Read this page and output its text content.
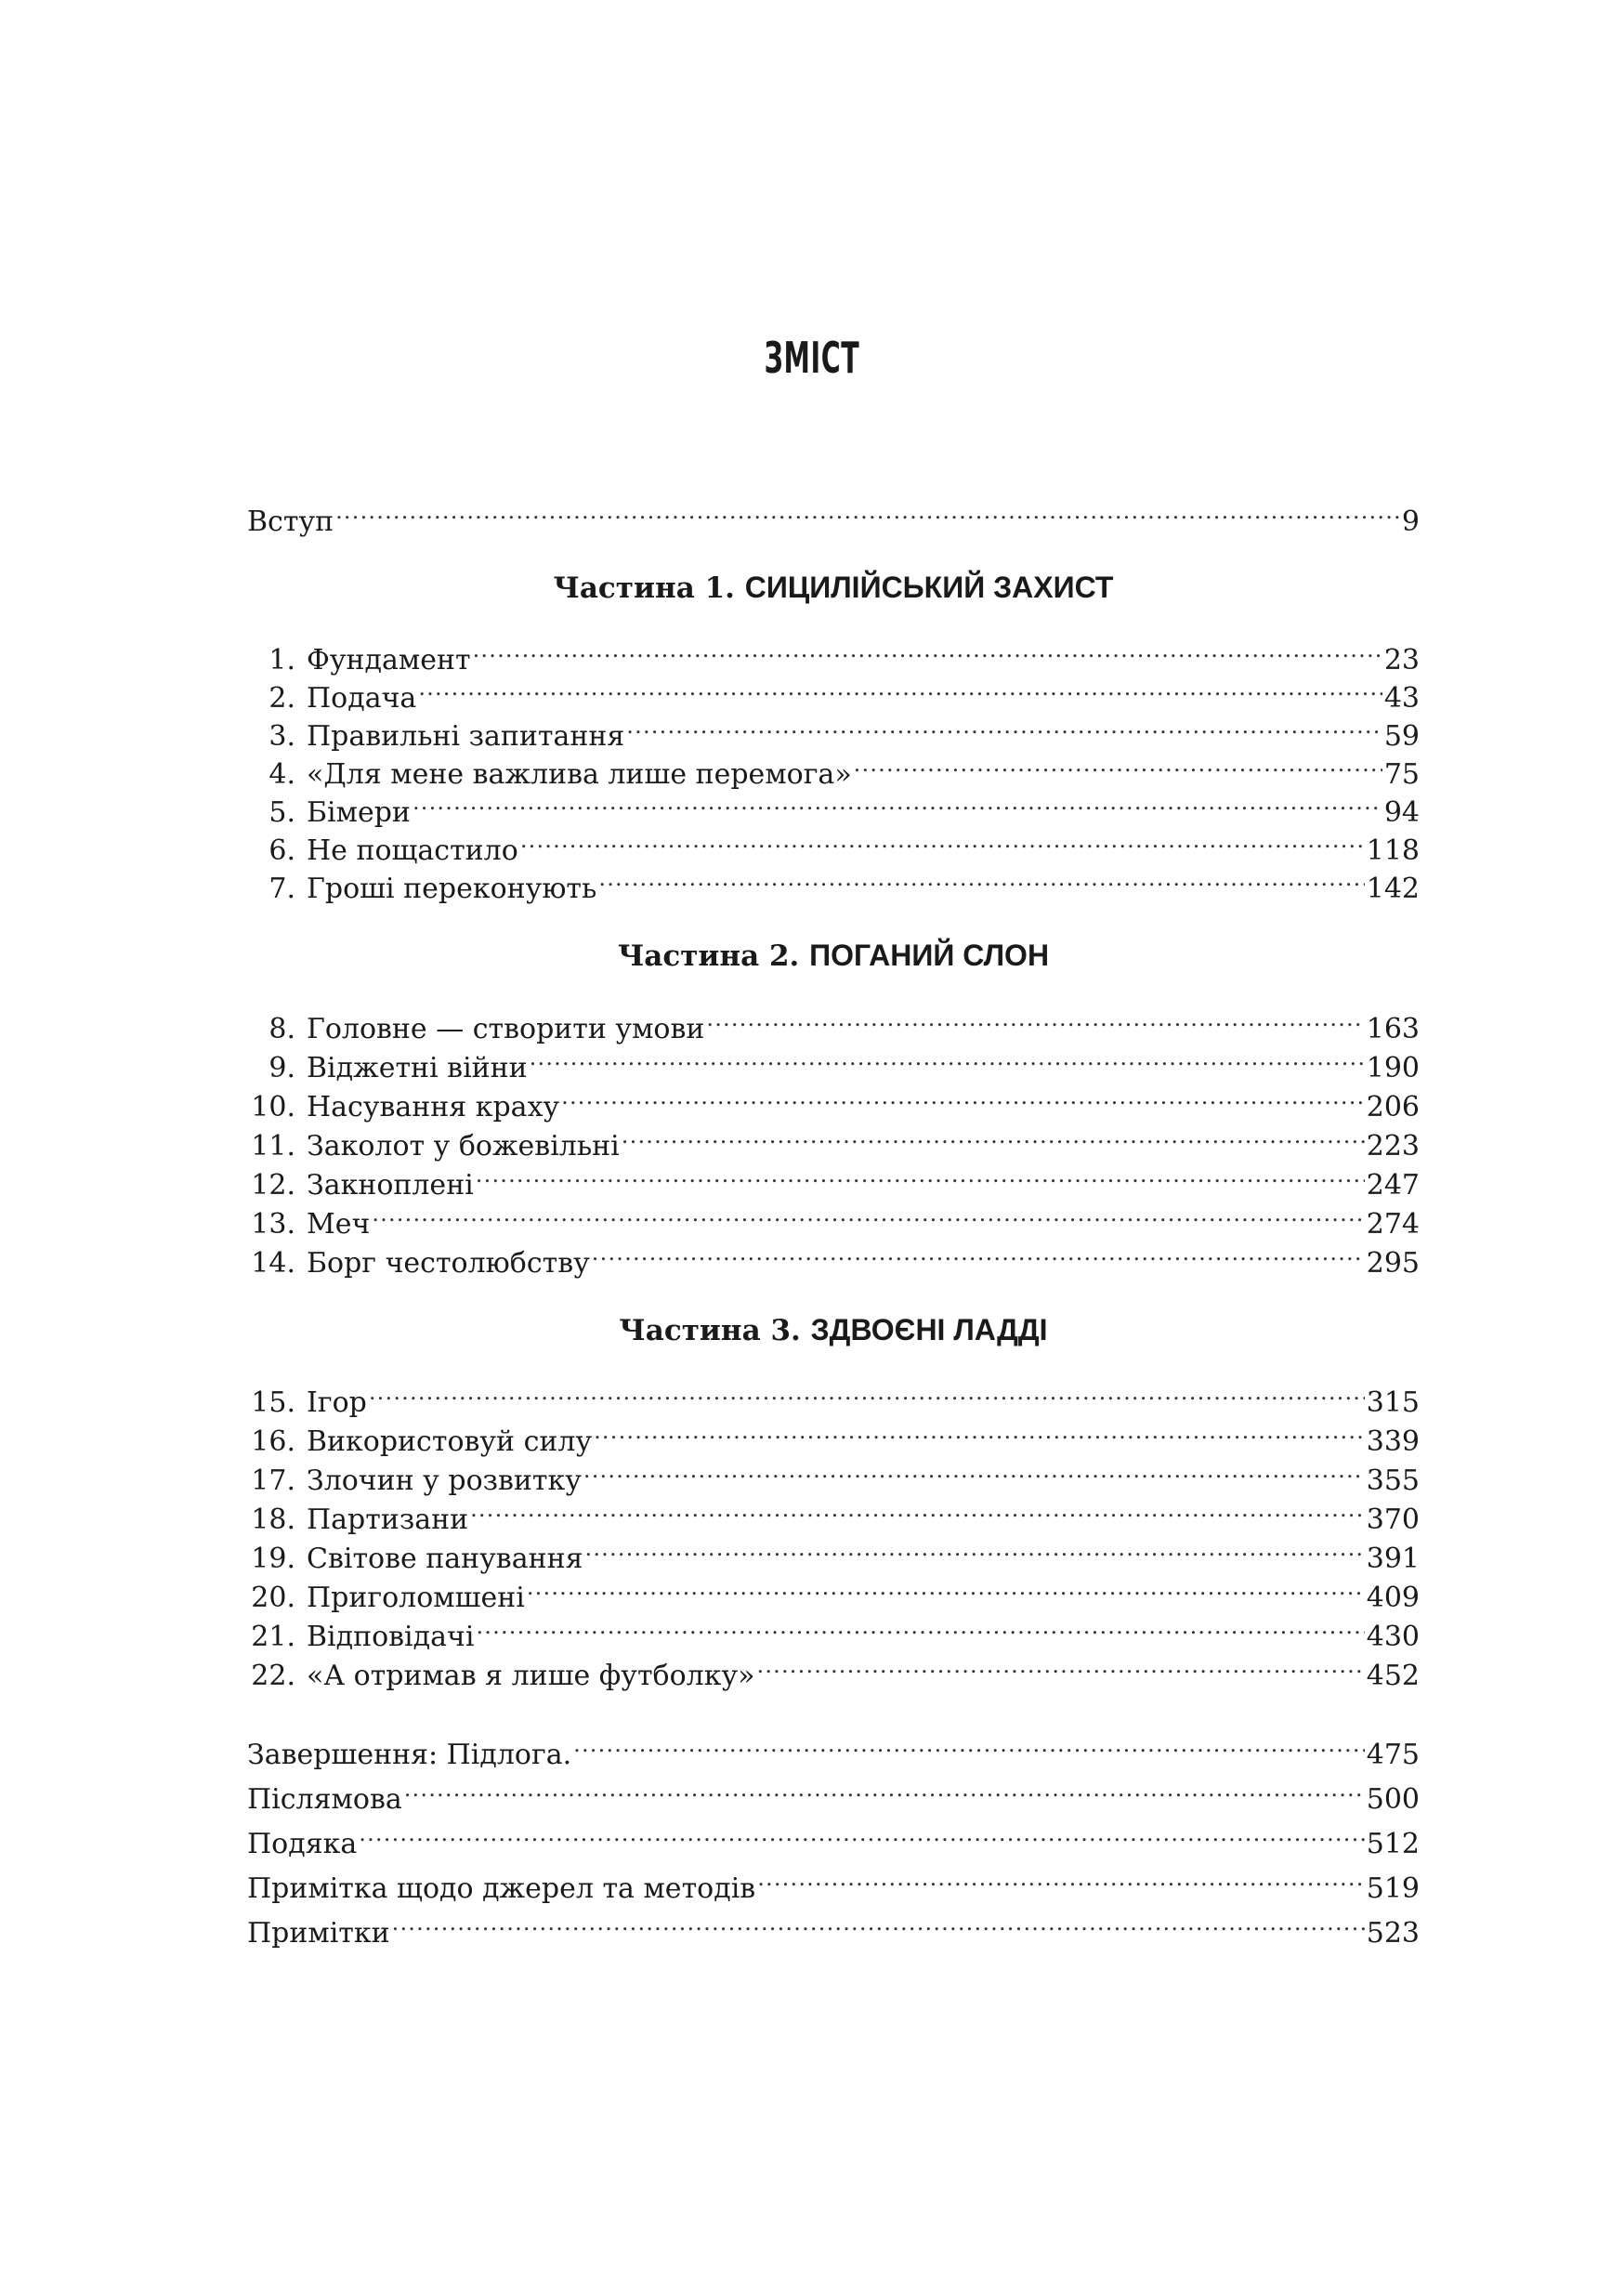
ЗМІСТ
Вступ .....	9
Частина 1. СИЦИЛІЙСЬКИЙ ЗАХИСТ
1. Фундамент .....	23
2. Подача .....	43
3. Правильні запитання .....	59
4. «Для мене важлива лише перемога» .....	75
5. Бімери .....	94
6. Не пощастило .....	118
7. Гроші переконують .....	142
Частина 2. ПОГАНИЙ СЛОН
8. Головне — створити умови .....	163
9. Віджетні війни .....	190
10. Насування краху .....	206
11. Заколот у божевільні .....	223
12. Закноплені .....	247
13. Меч .....	274
14. Борг честолюбству .....	295
Частина 3. ЗДВОЄНІ ЛАДДІ
15. Ігор .....	315
16. Використовуй силу .....	339
17. Злочин у розвитку .....	355
18. Партизани .....	370
19. Світове панування .....	391
20. Приголомшені .....	409
21. Відповідачі .....	430
22. «А отримав я лише футболку» .....	452
Завершення: Підлога. .....	475
Післямова .....	500
Подяка .....	512
Примітка щодо джерел та методів .....	519
Примітки .....	523
